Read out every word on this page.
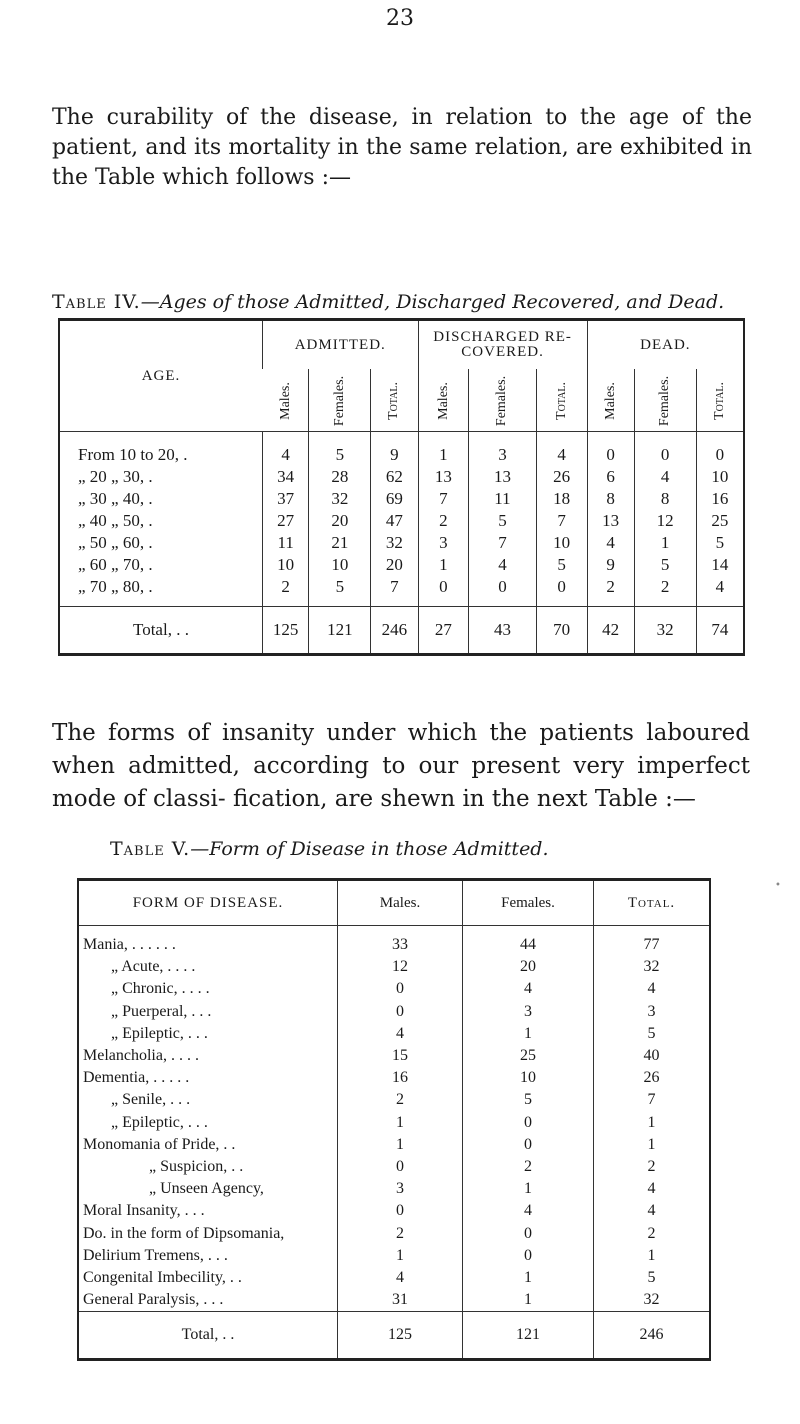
23
The curability of the disease, in relation to the age of the patient, and its mortality in the same relation, are exhibited in the Table which follows :—
Table IV.—Ages of those Admitted, Discharged Recovered, and Dead.
AGE.	ADMITTED.			DISCHARGED RE-
COVERED.			DEAD.		
	Males.	Females.	Total.	Males.	Females.	Total.	Males.	Females.	Total.
From 10 to 20, .	4	5	9	1	3	4	0	0	0
„ 20 „ 30, .	34	28	62	13	13	26	6	4	10
„ 30 „ 40, .	37	32	69	7	11	18	8	8	16
„ 40 „ 50, .	27	20	47	2	5	7	13	12	25
„ 50 „ 60, .	11	21	32	3	7	10	4	1	5
„ 60 „ 70, .	10	10	20	1	4	5	9	5	14
„ 70 „ 80, .	2	5	7	0	0	0	2	2	4

Total, . .	125	121	246	27	43	70	42	32	74
The forms of insanity under which the patients laboured when admitted, according to our present very imperfect mode of classi- fication, are shewn in the next Table :—
Table V.—Form of Disease in those Admitted.
FORM OF DISEASE.	Males.	Females.	Total.
Mania, . . . . . .	33	44	77
„ Acute, . . . .	12	20	32
„ Chronic, . . . .	0	4	4
„ Puerperal, . . .	0	3	3
„ Epileptic, . . .	4	1	5
Melancholia, . . . .	15	25	40
Dementia, . . . . .	16	10	26
„ Senile, . . .	2	5	7
„ Epileptic, . . .	1	0	1
Monomania of Pride, . .	1	0	1
„ Suspicion, . .	0	2	2
„ Unseen Agency,	3	1	4
Moral Insanity, . . .	0	4	4
Do. in the form of Dipsomania,	2	0	2
Delirium Tremens, . . .	1	0	1
Congenital Imbecility, . .	4	1	5
General Paralysis, . . .	31	1	32
Total, . .	125	121	246
•
